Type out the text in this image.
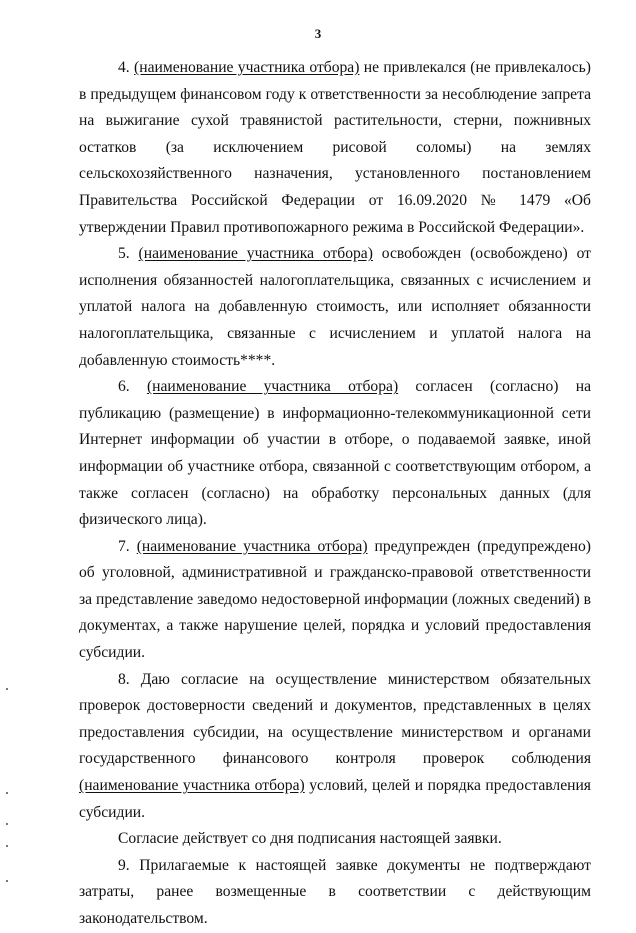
3

4. (наименование участника отбора) не привлекался (не привлекалось) в предыдущем финансовом году к ответственности за несоблюдение запрета на выжигание сухой травянистой растительности, стерни, пожнивных остатков (за исключением рисовой соломы) на землях сельскохозяйственного назначения, установленного постановлением Правительства Российской Федерации от 16.09.2020 № 1479 «Об утверждении Правил противопожарного режима в Российской Федерации».

5. (наименование участника отбора) освобожден (освобождено) от исполнения обязанностей налогоплательщика, связанных с исчислением и уплатой налога на добавленную стоимость, или исполняет обязанности налогоплательщика, связанные с исчислением и уплатой налога на добавленную стоимость****.

6. (наименование участника отбора) согласен (согласно) на публикацию (размещение) в информационно-телекоммуникационной сети Интернет информации об участии в отборе, о подаваемой заявке, иной информации об участнике отбора, связанной с соответствующим отбором, а также согласен (согласно) на обработку персональных данных (для физического лица).

7. (наименование участника отбора) предупрежден (предупреждено) об уголовной, административной и гражданско-правовой ответственности за представление заведомо недостоверной информации (ложных сведений) в документах, а также нарушение целей, порядка и условий предоставления субсидии.

8. Даю согласие на осуществление министерством обязательных проверок достоверности сведений и документов, представленных в целях предоставления субсидии, на осуществление министерством и органами государственного финансового контроля проверок соблюдения (наименование участника отбора) условий, целей и порядка предоставления субсидии.

Согласие действует со дня подписания настоящей заявки.

9. Прилагаемые к настоящей заявке документы не подтверждают затраты, ранее возмещенные в соответствии с действующим законодательством.
